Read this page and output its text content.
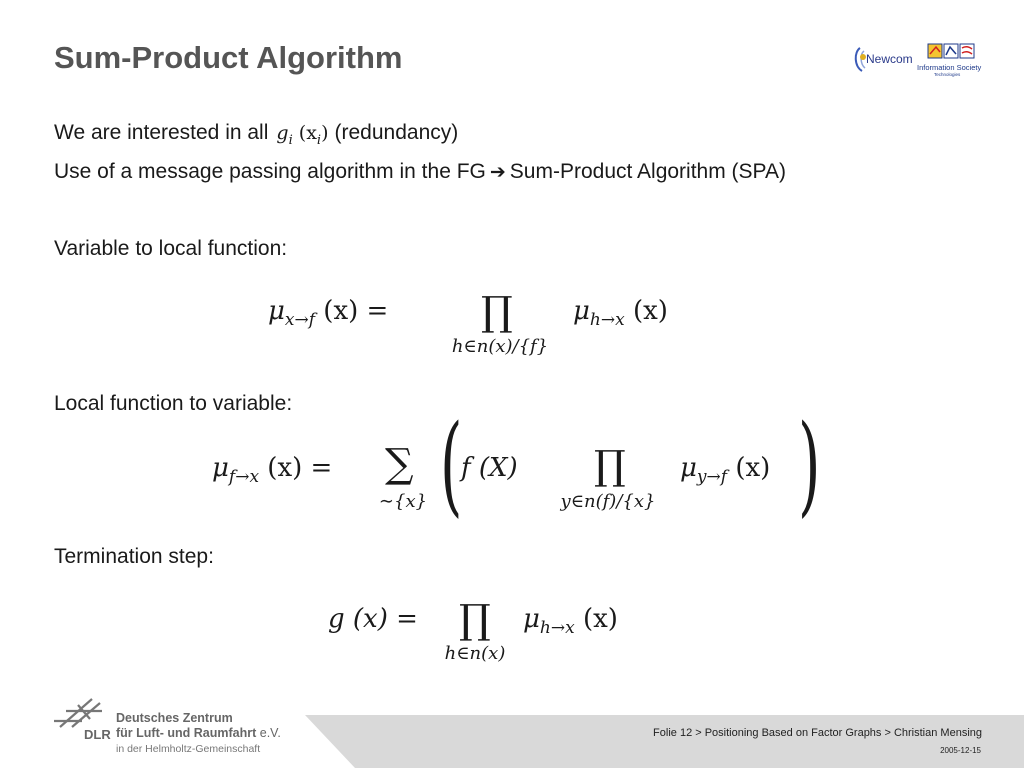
Sum-Product Algorithm	Newcom
Information Society
Technologies
We are interested in all $g_i$ $(x_i)$ (redundancy)
Use of a message passing algorithm in the FG ➔ Sum-Product Algorithm (SPA)
Variable to local function:
$\mu_{x\to f}$ (x) = ∏
h∈n(x)/{f}
$\mu_{h\to x}$ (x)
Local function to variable:
$\mu_{f\to x}$ (x) = ∑
∼{x} (
f (X) ∏
y∈n(f)/{x}
$\mu_{y\to f}$ (x) )
Termination step:
g (x) = ∏
h∈n(x)
$\mu_{h\to x}$ (x)
Folie 12 > Positioning Based on Factor Graphs > Christian Mensing
2005-12-15
DLR
Deutsches Zentrum
für Luft- und Raumfahrt e.V.
in der Helmholtz-Gemeinschaft
